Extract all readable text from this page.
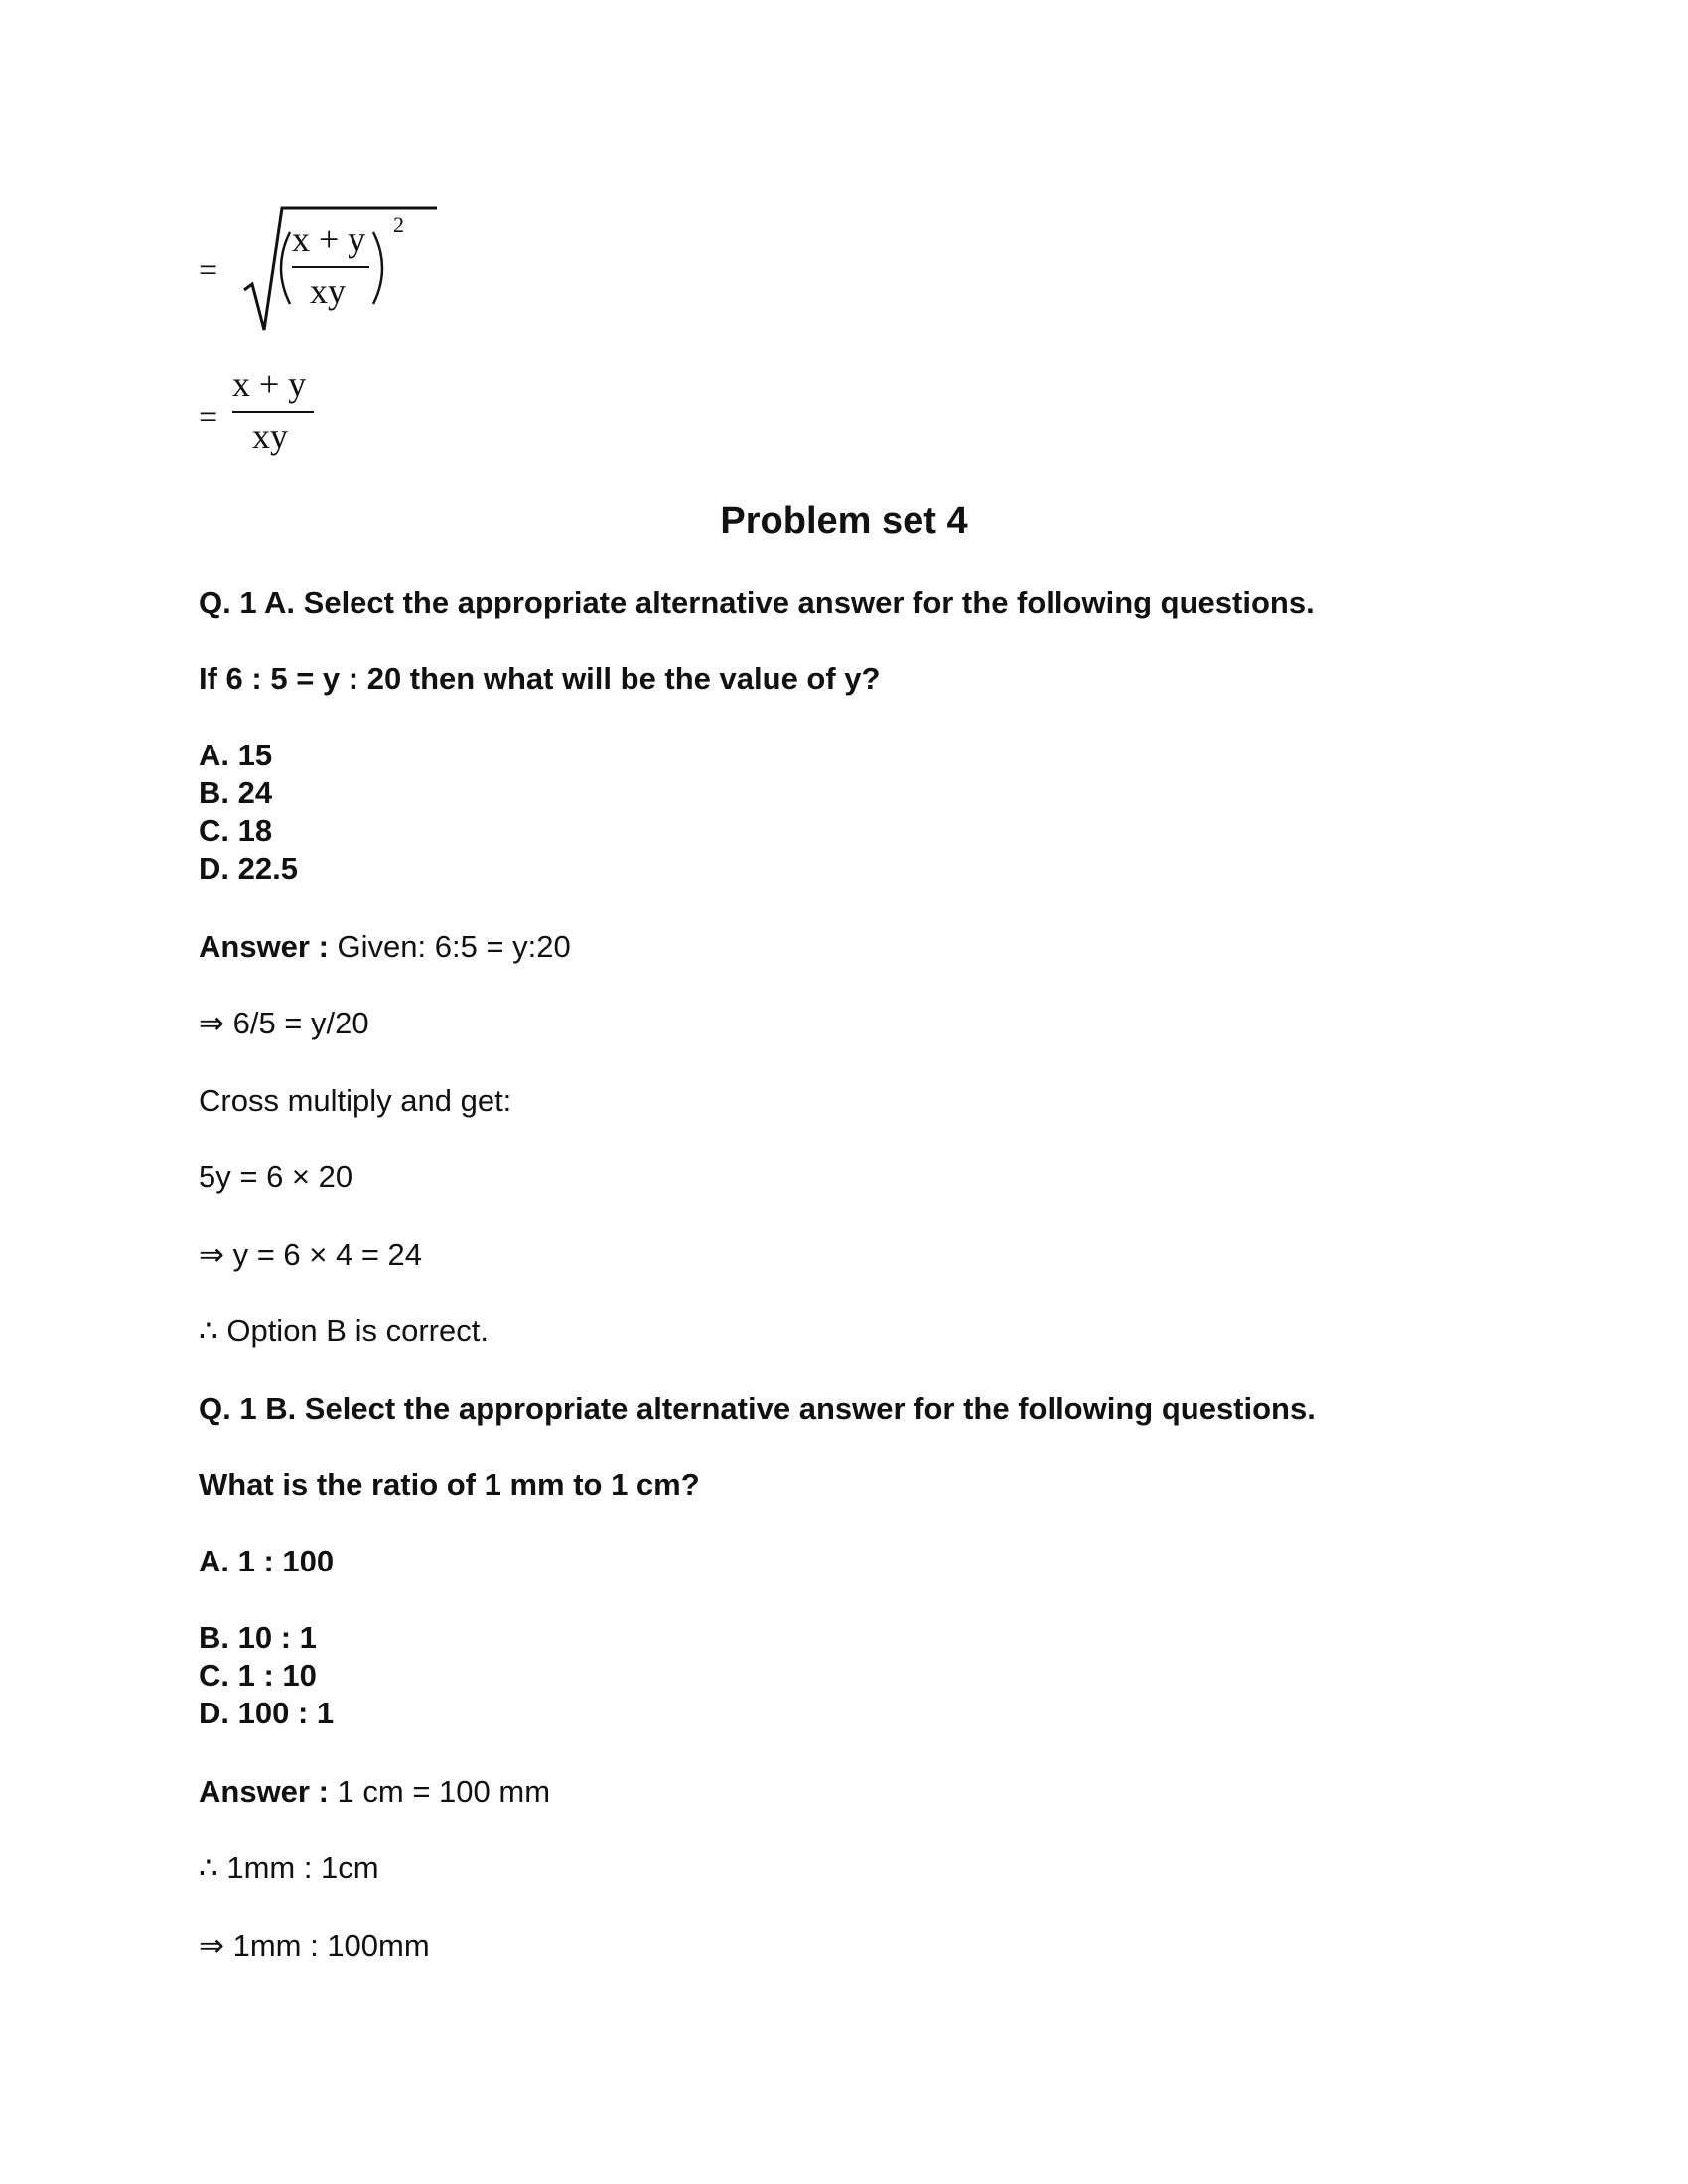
=
x + y
xy
2
=
x + y
xy
Problem set 4
Q. 1 A. Select the appropriate alternative answer for the following questions.
If 6 : 5 = y : 20 then what will be the value of y?
A. 15
B. 24
C. 18
D. 22.5
Answer : Given: 6:5 = y:20
⇒ 6/5 = y/20
Cross multiply and get:
5y = 6 × 20
⇒ y = 6 × 4 = 24
∴ Option B is correct.
Q. 1 B. Select the appropriate alternative answer for the following questions.
What is the ratio of 1 mm to 1 cm?
A. 1 : 100
B. 10 : 1
C. 1 : 10
D. 100 : 1
Answer : 1 cm = 100 mm
∴ 1mm : 1cm
⇒ 1mm : 100mm
